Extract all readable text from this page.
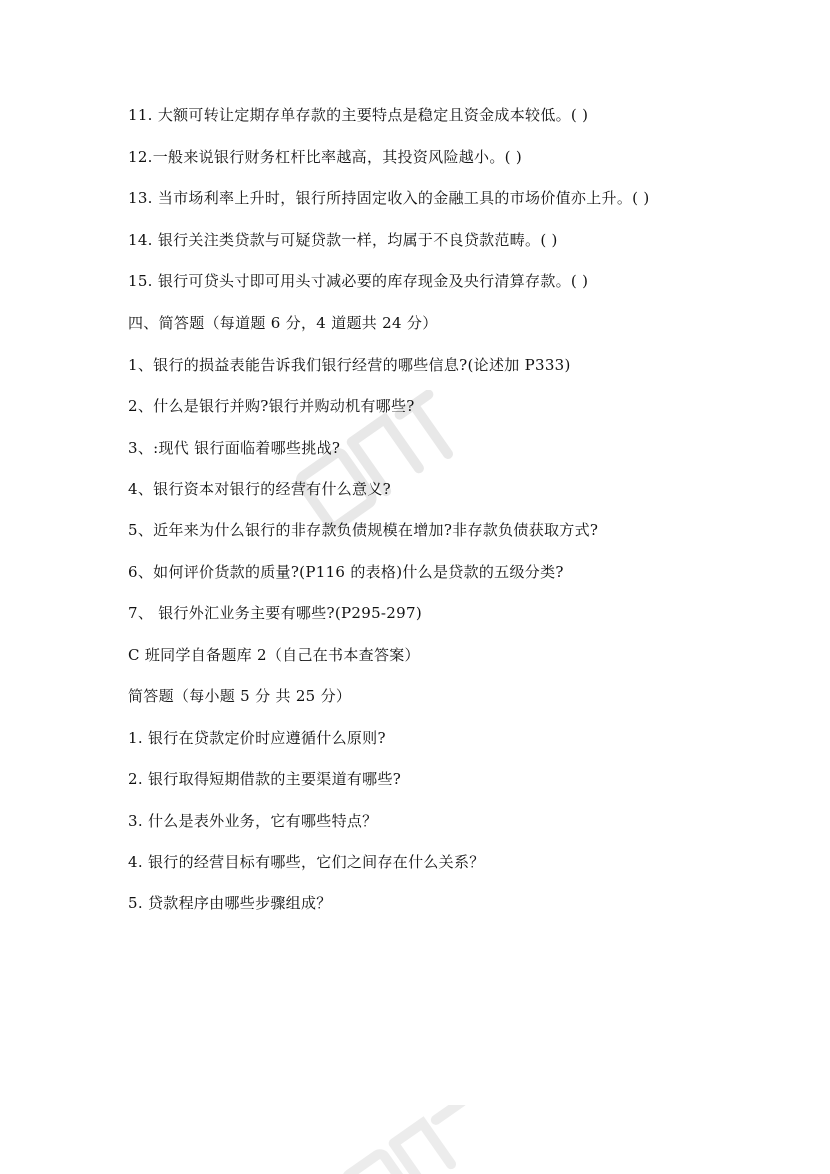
11. 大额可转让定期存单存款的主要特点是稳定且资金成本较低。( )
12.一般来说银行财务杠杆比率越高，其投资风险越小。( )
13. 当市场利率上升时，银行所持固定收入的金融工具的市场价值亦上升。( )
14. 银行关注类贷款与可疑贷款一样，均属于不良贷款范畴。( )
15. 银行可贷头寸即可用头寸减必要的库存现金及央行清算存款。( )
四、简答题（每道题 6 分，4 道题共 24 分）
1、银行的损益表能告诉我们银行经营的哪些信息?(论述加 P333)
2、什么是银行并购?银行并购动机有哪些?
3、:现代 银行面临着哪些挑战?
4、银行资本对银行的经营有什么意义?
5、近年来为什么银行的非存款负债规模在增加?非存款负债获取方式?
6、如何评价货款的质量?(P116 的表格)什么是贷款的五级分类?
7、 银行外汇业务主要有哪些?(P295-297)
C 班同学自备题库 2（自己在书本查答案）
简答题（每小题 5 分 共 25 分）
1. 银行在贷款定价时应遵循什么原则?
2. 银行取得短期借款的主要渠道有哪些?
3. 什么是表外业务，它有哪些特点？
4. 银行的经营目标有哪些，它们之间存在什么关系？
5. 贷款程序由哪些步骤组成？
